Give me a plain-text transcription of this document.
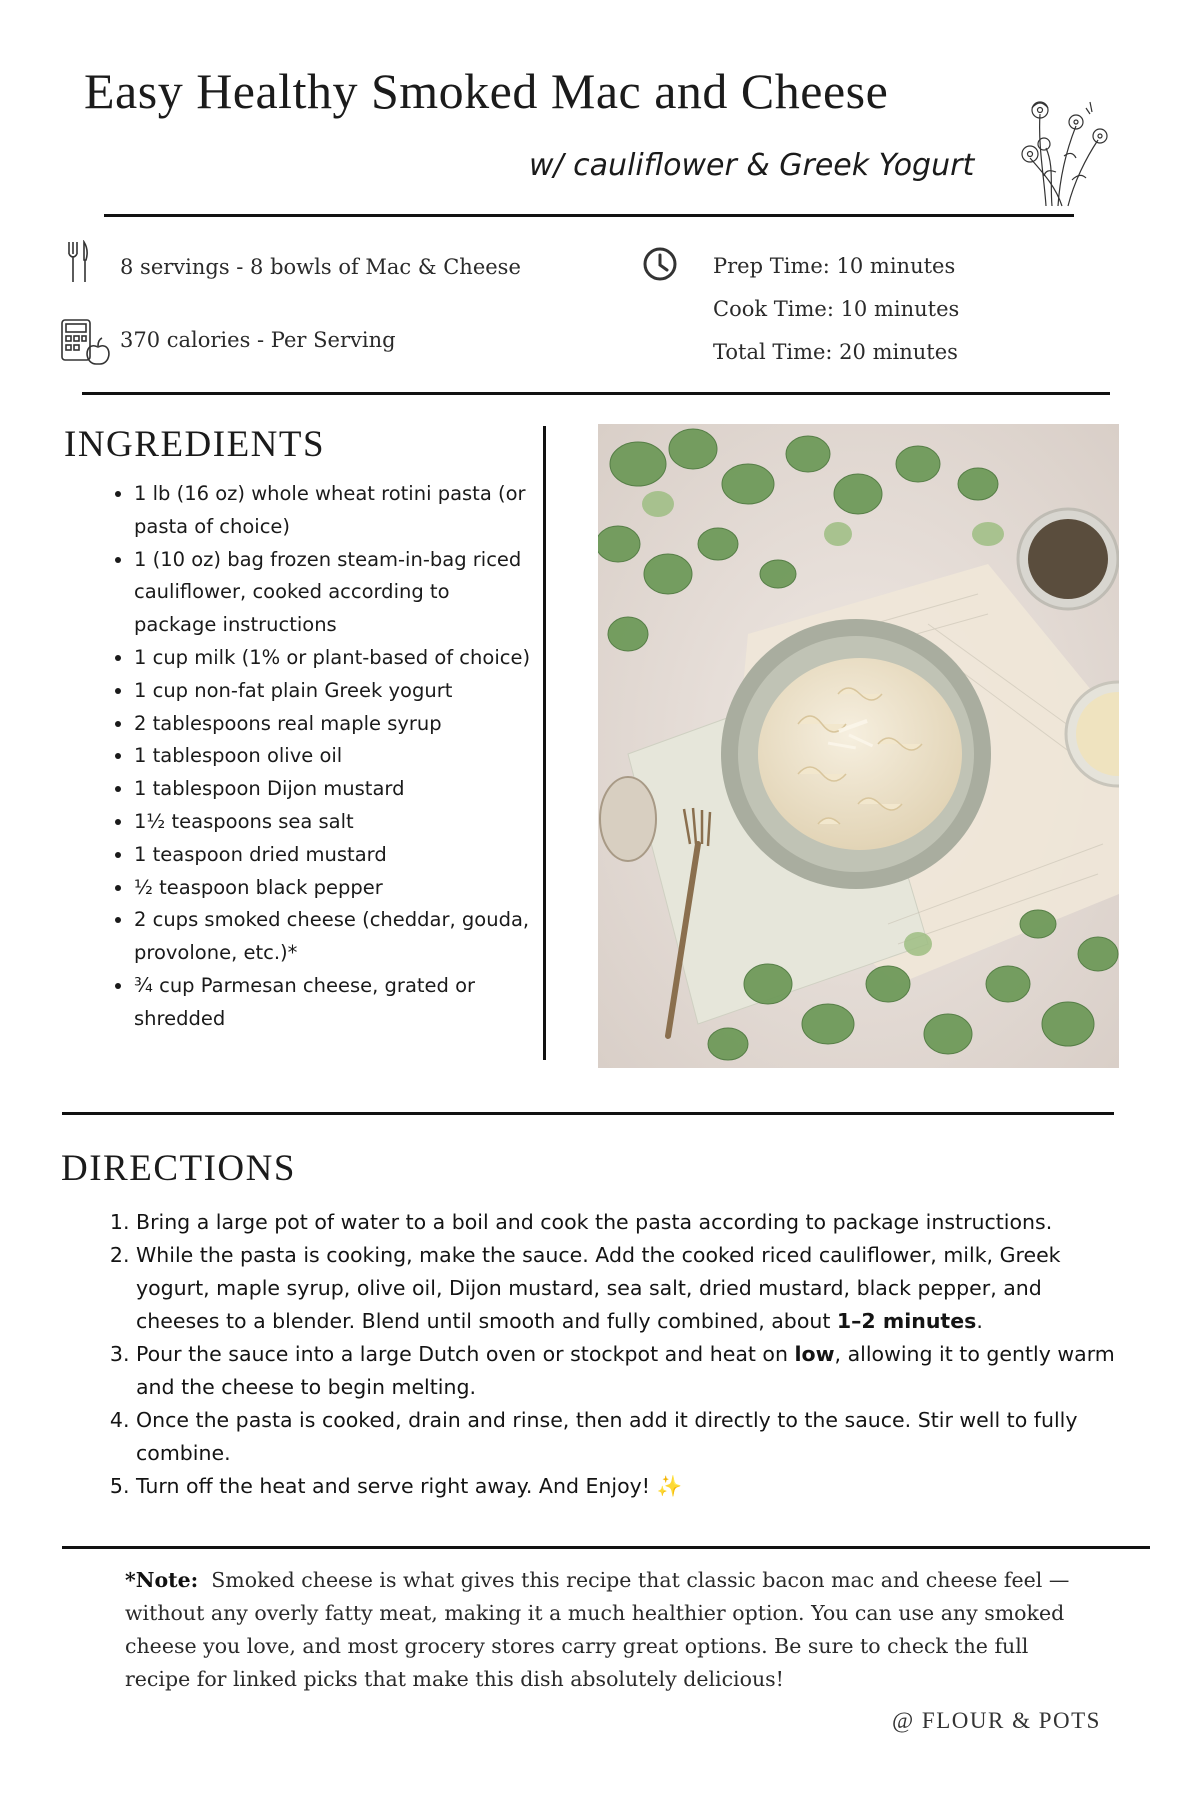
Easy Healthy Smoked Mac and Cheese
w/ cauliflower & Greek Yogurt
8 servings - 8 bowls of Mac & Cheese	Prep Time: 10 minutes
Cook Time: 10 minutes
Total Time: 20 minutes
370 calories - Per Serving
INGREDIENTS
• 1 lb (16 oz) whole wheat rotini pasta (or pasta of choice)
• 1 (10 oz) bag frozen steam-in-bag riced cauliflower, cooked according to package instructions
• 1 cup milk (1% or plant-based of choice)
• 1 cup non-fat plain Greek yogurt
• 2 tablespoons real maple syrup
• 1 tablespoon olive oil
• 1 tablespoon Dijon mustard
• 1½ teaspoons sea salt
• 1 teaspoon dried mustard
• ½ teaspoon black pepper
• 2 cups smoked cheese (cheddar, gouda, provolone, etc.)*
• ¾ cup Parmesan cheese, grated or shredded
DIRECTIONS
1. Bring a large pot of water to a boil and cook the pasta according to package instructions.
2. While the pasta is cooking, make the sauce. Add the cooked riced cauliflower, milk, Greek yogurt, maple syrup, olive oil, Dijon mustard, sea salt, dried mustard, black pepper, and cheeses to a blender. Blend until smooth and fully combined, about 1–2 minutes.
3. Pour the sauce into a large Dutch oven or stockpot and heat on low, allowing it to gently warm and the cheese to begin melting.
4. Once the pasta is cooked, drain and rinse, then add it directly to the sauce. Stir well to fully combine.
5. Turn off the heat and serve right away. And Enjoy! ✨
*Note: Smoked cheese is what gives this recipe that classic bacon mac and cheese feel — without any overly fatty meat, making it a much healthier option. You can use any smoked cheese you love, and most grocery stores carry great options. Be sure to check the full recipe for linked picks that make this dish absolutely delicious!
@ FLOUR & POTS
